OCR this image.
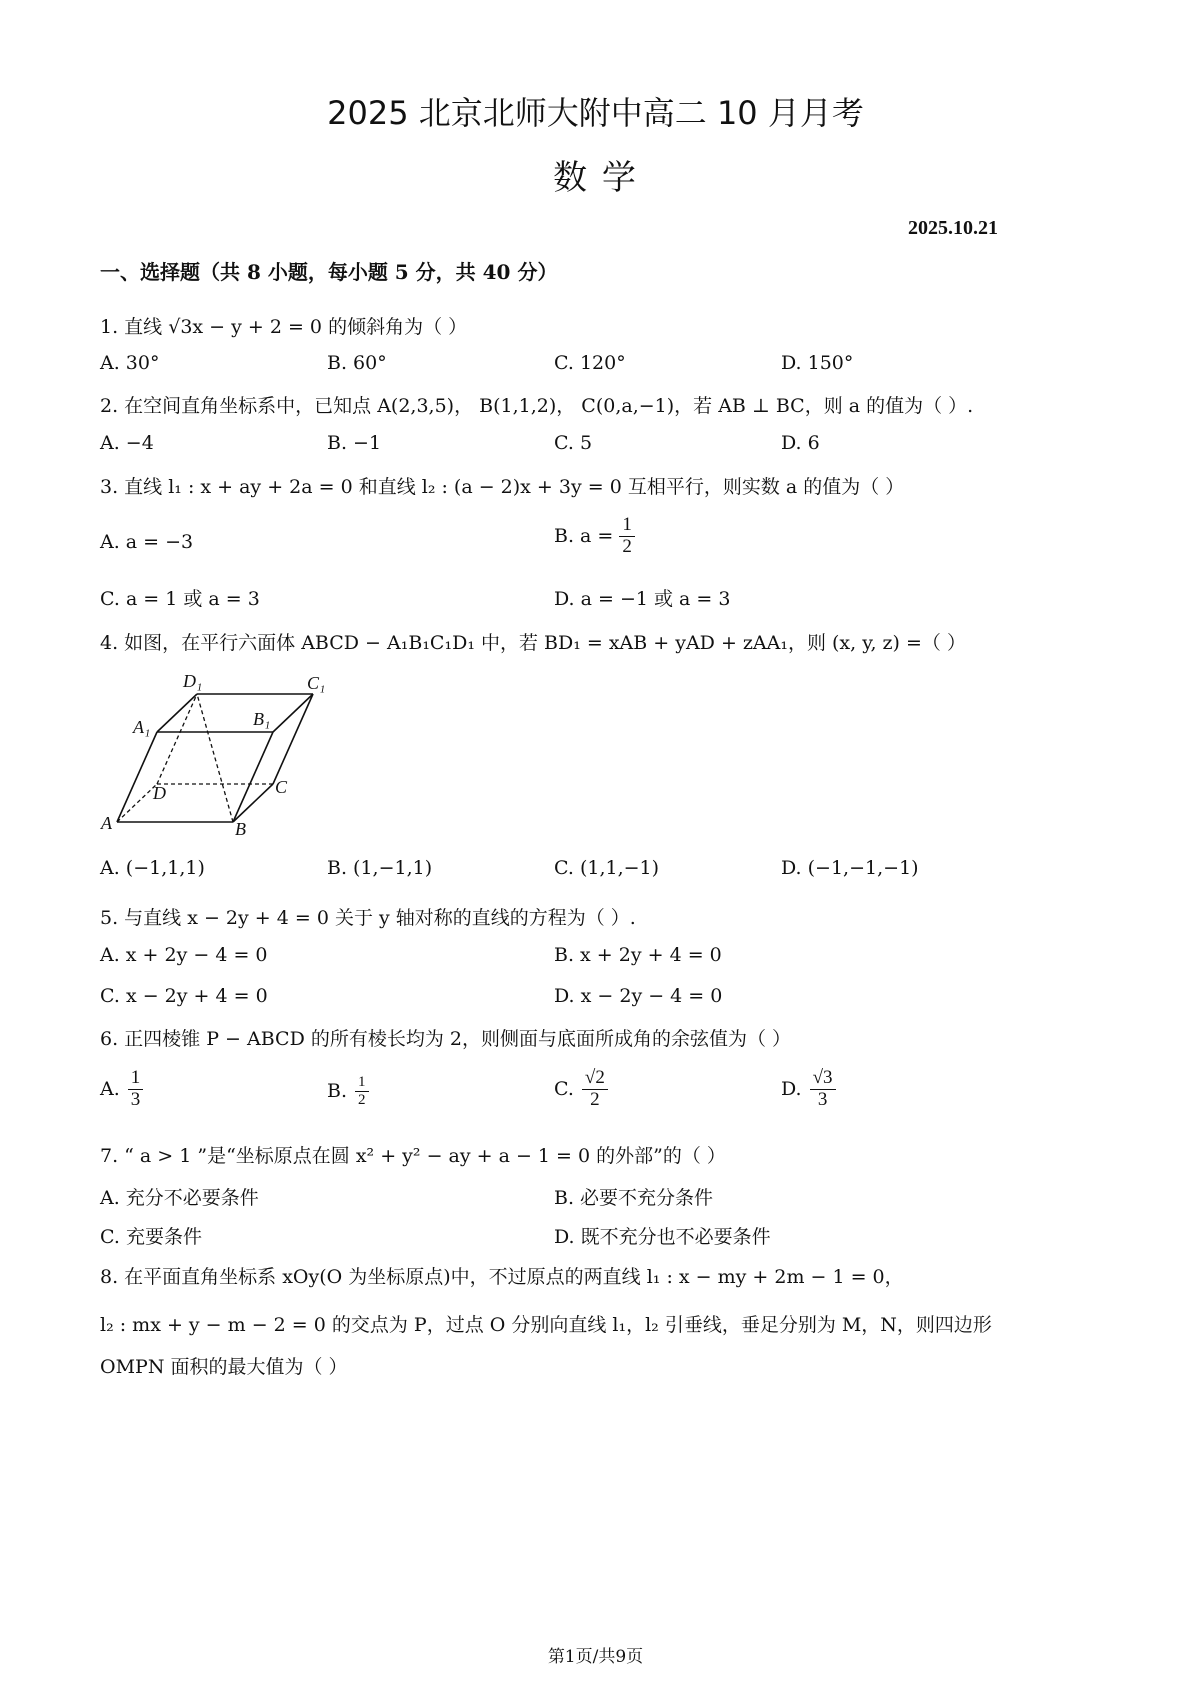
2025 北京北师大附中高二 10 月月考
数 学
2025.10.21
一、选择题（共 8 小题，每小题 5 分，共 40 分）
1. 直线 √3x − y + 2 = 0 的倾斜角为（ ）
A. 30°	B. 60°	C. 120°	D. 150°
2. 在空间直角坐标系中，已知点 A(2,3,5)， B(1,1,2)， C(0,a,−1)，若 AB ⊥ BC，则 a 的值为（ ）.
A. −4	B. −1	C. 5	D. 6
3. 直线 l₁ : x + ay + 2a = 0 和直线 l₂ : (a − 2)x + 3y = 0 互相平行，则实数 a 的值为（ ）
A. a = −3	B. $a = \frac{1}{2}$
C. a = 1 或 a = 3	D. a = −1 或 a = 3
4. 如图，在平行六面体 ABCD − A₁B₁C₁D₁ 中，若 BD₁ = xAB + yAD + zAA₁，则 (x, y, z) =（ ）
D₁	C₁
A₁	B₁
D	C
A	B
A. (−1,1,1)	B. (1,−1,1)	C. (1,1,−1)	D. (−1,−1,−1)
5. 与直线 x − 2y + 4 = 0 关于 y 轴对称的直线的方程为（ ）.
A. x + 2y − 4 = 0	B. x + 2y + 4 = 0
C. x − 2y + 4 = 0	D. x − 2y − 4 = 0
6. 正四棱锥 P − ABCD 的所有棱长均为 2，则侧面与底面所成角的余弦值为（ ）
A. $\frac{1}{3}$	B. $\frac{1}{2}$	C. $\frac{√2}{2}$	D. $\frac{√3}{3}$
7. “ a > 1 ”是“坐标原点在圆 x² + y² − ay + a − 1 = 0 的外部”的（ ）
A. 充分不必要条件	B. 必要不充分条件
C. 充要条件	D. 既不充分也不必要条件
8. 在平面直角坐标系 xOy(O 为坐标原点)中，不过原点的两直线 l₁ : x − my + 2m − 1 = 0，
l₂ : mx + y − m − 2 = 0 的交点为 P，过点 O 分别向直线 l₁，l₂ 引垂线，垂足分别为 M，N，则四边形
OMPN 面积的最大值为（ ）
第1页/共9页
